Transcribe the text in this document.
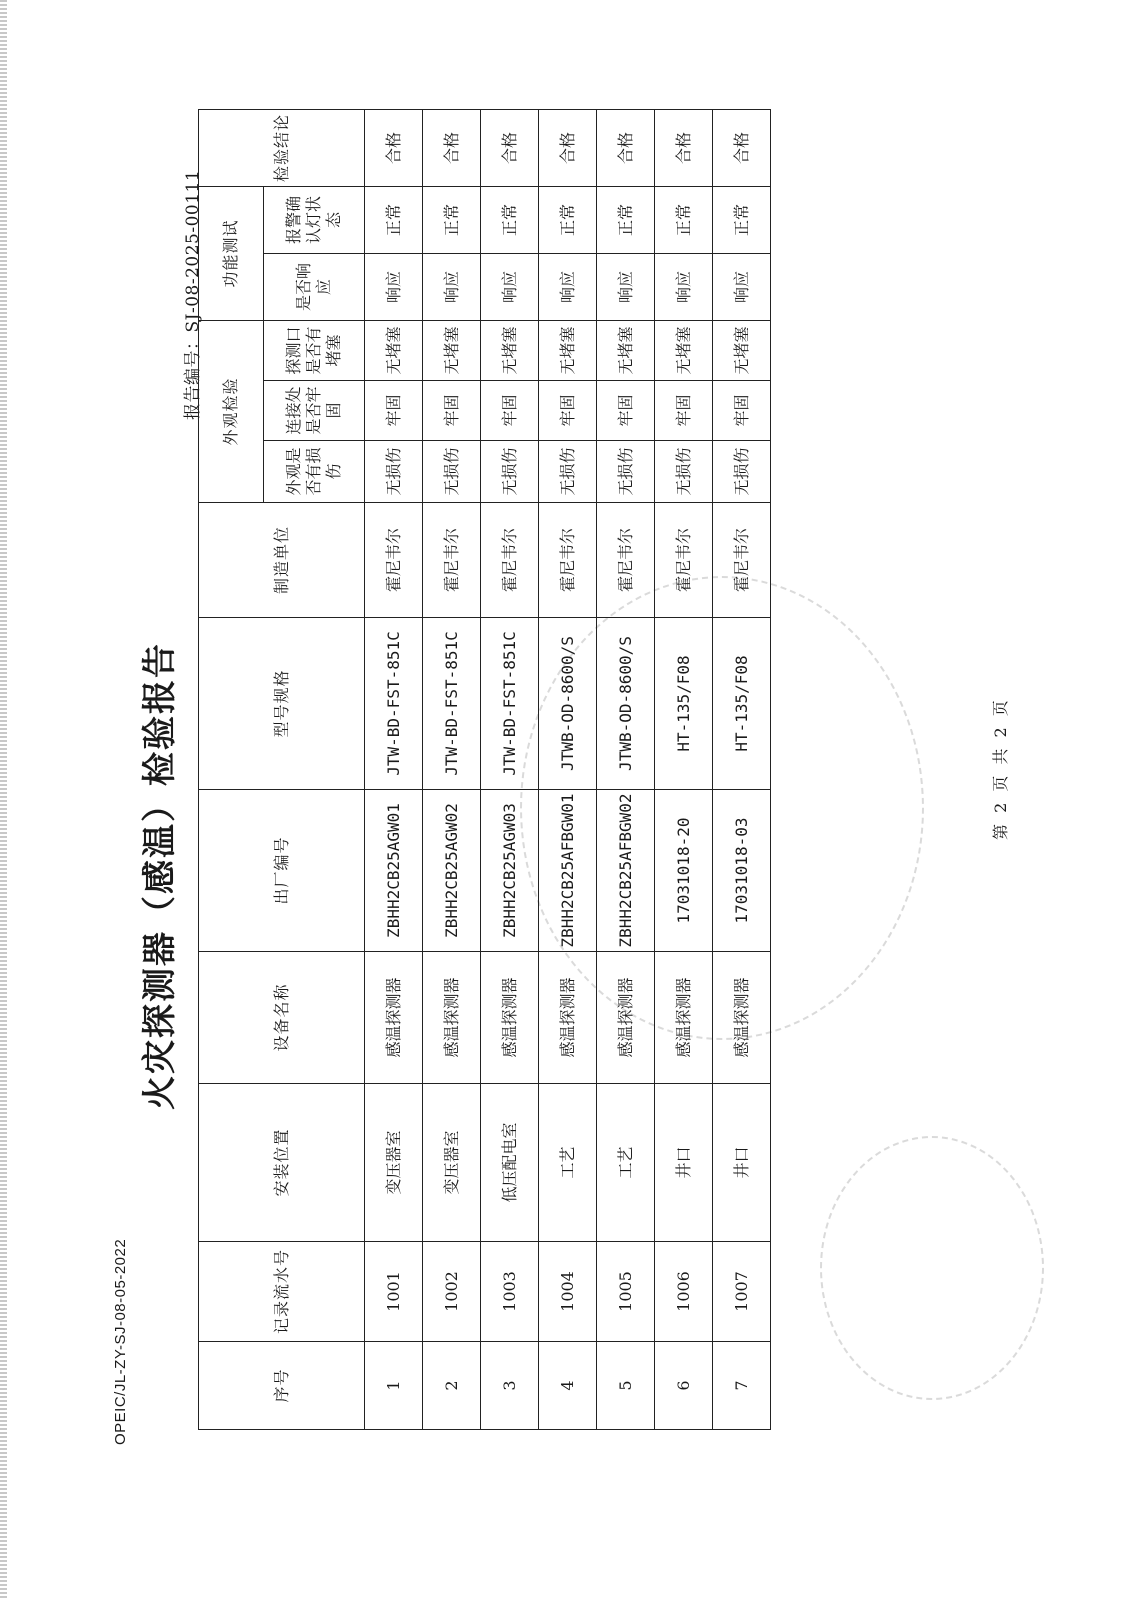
OPEIC/JL-ZY-SJ-08-05-2022
火灾探测器（感温）检验报告
报告编号：SJ-08-2025-00111
序号	记录流水号	安装位置	设备名称	出厂编号	型号规格	制造单位	外观检验			功能测试		检验结论
							外观是否有损伤	连接处是否牢固	探测口是否有堵塞	是否响应	报警确认灯状态	
1	1001	变压器室	感温探测器	ZBHH2CB25AGW01	JTW-BD-FST-851C	霍尼韦尔	无损伤	牢固	无堵塞	响应	正常	合格
2	1002	变压器室	感温探测器	ZBHH2CB25AGW02	JTW-BD-FST-851C	霍尼韦尔	无损伤	牢固	无堵塞	响应	正常	合格
3	1003	低压配电室	感温探测器	ZBHH2CB25AGW03	JTW-BD-FST-851C	霍尼韦尔	无损伤	牢固	无堵塞	响应	正常	合格
4	1004	工艺	感温探测器	ZBHH2CB25AFBGW01	JTWB-OD-8600/S	霍尼韦尔	无损伤	牢固	无堵塞	响应	正常	合格
5	1005	工艺	感温探测器	ZBHH2CB25AFBGW02	JTWB-OD-8600/S	霍尼韦尔	无损伤	牢固	无堵塞	响应	正常	合格
6	1006	井口	感温探测器	17031018-20	HT-135/F08	霍尼韦尔	无损伤	牢固	无堵塞	响应	正常	合格
7	1007	井口	感温探测器	17031018-03	HT-135/F08	霍尼韦尔	无损伤	牢固	无堵塞	响应	正常	合格
第 2 页 共 2 页
